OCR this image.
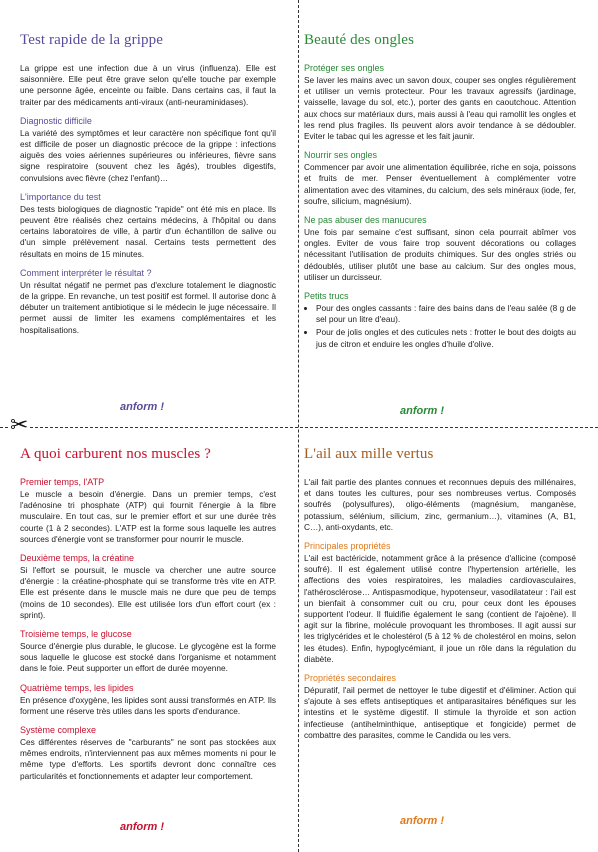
✂
Test rapide de la grippe

La grippe est une infection due à un virus (influenza). Elle est saisonnière. Elle peut être grave selon qu'elle touche par exemple une personne âgée, enceinte ou faible. Dans certains cas, il faut la traiter par des médicaments anti-viraux (anti-neuraminidases).

Diagnostic difficile

La variété des symptômes et leur caractère non spécifique font qu'il est difficile de poser un diagnostic précoce de la grippe : infections aiguës des voies aériennes supérieures ou inférieures, fièvre sans signe respiratoire (souvent chez les âgés), troubles digestifs, convulsions avec fièvre (chez l'enfant)…

L'importance du test

Des tests biologiques de diagnostic "rapide" ont été mis en place. Ils peuvent être réalisés chez certains médecins, à l'hôpital ou dans certains laboratoires de ville, à partir d'un échantillon de salive ou d'un simple prélèvement nasal. Certains tests permettent des résultats en moins de 15 minutes.

Comment interpréter le résultat ?

Un résultat négatif ne permet pas d'exclure totalement le diagnostic de la grippe. En revanche, un test positif est formel. Il autorise donc à débuter un traitement antibiotique si le médecin le juge nécessaire. Il permet aussi de limiter les examens complémentaires et les hospitalisations.

anform !
Beauté des ongles
Protéger ses ongles

Se laver les mains avec un savon doux, couper ses ongles régulièrement et utiliser un vernis protecteur. Pour les travaux agressifs (jardinage, vaisselle, lavage du sol, etc.), porter des gants en caoutchouc. Attention aux chocs sur matériaux durs, mais aussi à l'eau qui ramollit les ongles et les rend plus fragiles. Ils peuvent alors avoir tendance à se dédoubler. Eviter le tabac qui les agresse et les fait jaunir.

Nourrir ses ongles

Commencer par avoir une alimentation équilibrée, riche en soja, poissons et fruits de mer. Penser éventuellement à complémenter votre alimentation avec des vitamines, du calcium, des sels minéraux (iode, fer, soufre, silicium, magnésium).

Ne pas abuser des manucures

Une fois par semaine c'est suffisant, sinon cela pourrait abîmer vos ongles. Eviter de vous faire trop souvent décorations ou collages nécessitant l'utilisation de produits chimiques. Sur des ongles striés ou dédoublés, utiliser plutôt une base au calcium. Sur des ongles mous, utiliser un durcisseur.

Petits trucs
• Pour des ongles cassants : faire des bains dans de l'eau salée (8 g de sel pour un litre d'eau).
• Pour de jolis ongles et des cuticules nets : frotter le bout des doigts au jus de citron et enduire les ongles d'huile d'olive.
anform !
A quoi carburent nos muscles ?
Premier temps, l'ATP

Le muscle a besoin d'énergie. Dans un premier temps, c'est l'adénosine tri phosphate (ATP) qui fournit l'énergie à la fibre musculaire. En tout cas, sur le premier effort et sur une durée très courte (1 à 2 secondes). L'ATP est la forme sous laquelle les autres sources d'énergie vont se transformer pour nourrir le muscle.

Deuxième temps, la créatine

Si l'effort se poursuit, le muscle va chercher une autre source d'énergie : la créatine-phosphate qui se transforme très vite en ATP. Elle est présente dans le muscle mais ne dure que peu de temps (moins de 10 secondes). Elle est utilisée lors d'un effort court (ex : sprint).

Troisième temps, le glucose

Source d'énergie plus durable, le glucose. Le glycogène est la forme sous laquelle le glucose est stocké dans l'organisme et notamment dans le foie. Peut supporter un effort de durée moyenne.

Quatrième temps, les lipides

En présence d'oxygène, les lipides sont aussi transformés en ATP. Ils forment une réserve très utiles dans les sports d'endurance.

Système complexe

Ces différentes réserves de "carburants" ne sont pas stockées aux mêmes endroits, n'interviennent pas aux mêmes moments ni pour le même type d'efforts. Les sportifs devront donc connaître ces particularités et fonctionnements et adapter leur comportement.

anform !
L'ail aux mille vertus

L'ail fait partie des plantes connues et reconnues depuis des millénaires, et dans toutes les cultures, pour ses nombreuses vertus. Composés soufrés (polysulfures), oligo-éléments (magnésium, manganèse, potassium, sélénium, silicium, zinc, germanium…), vitamines (A, B1, C…), anti-oxydants, etc.

Principales propriétés

L'ail est bactéricide, notamment grâce à la présence d'allicine (composé soufré). Il est également utilisé contre l'hypertension artérielle, les affections des voies respiratoires, les maladies cardiovasculaires, l'athérosclérose… Antispasmodique, hypotenseur, vasodilatateur : l'ail est un bienfait à consommer cuit ou cru, pour ceux dont les épouses supportent l'odeur. Il fluidifie également le sang (contient de l'ajoène). Il agit sur la fibrine, molécule provoquant les thromboses. Il agit aussi sur les triglycérides et le cholestérol (5 à 12 % de cholestérol en moins, selon les études). Enfin, hypoglycémiant, il joue un rôle dans la régulation du diabète.

Propriétés secondaires

Dépuratif, l'ail permet de nettoyer le tube digestif et d'éliminer. Action qui s'ajoute à ses effets antiseptiques et antiparasitaires bénéfiques sur les intestins et le système digestif. Il stimule la thyroïde et son action infectieuse (antihelminthique, antiseptique et fongicide) permet de combattre des parasites, comme le Candida ou les vers.

anform !
